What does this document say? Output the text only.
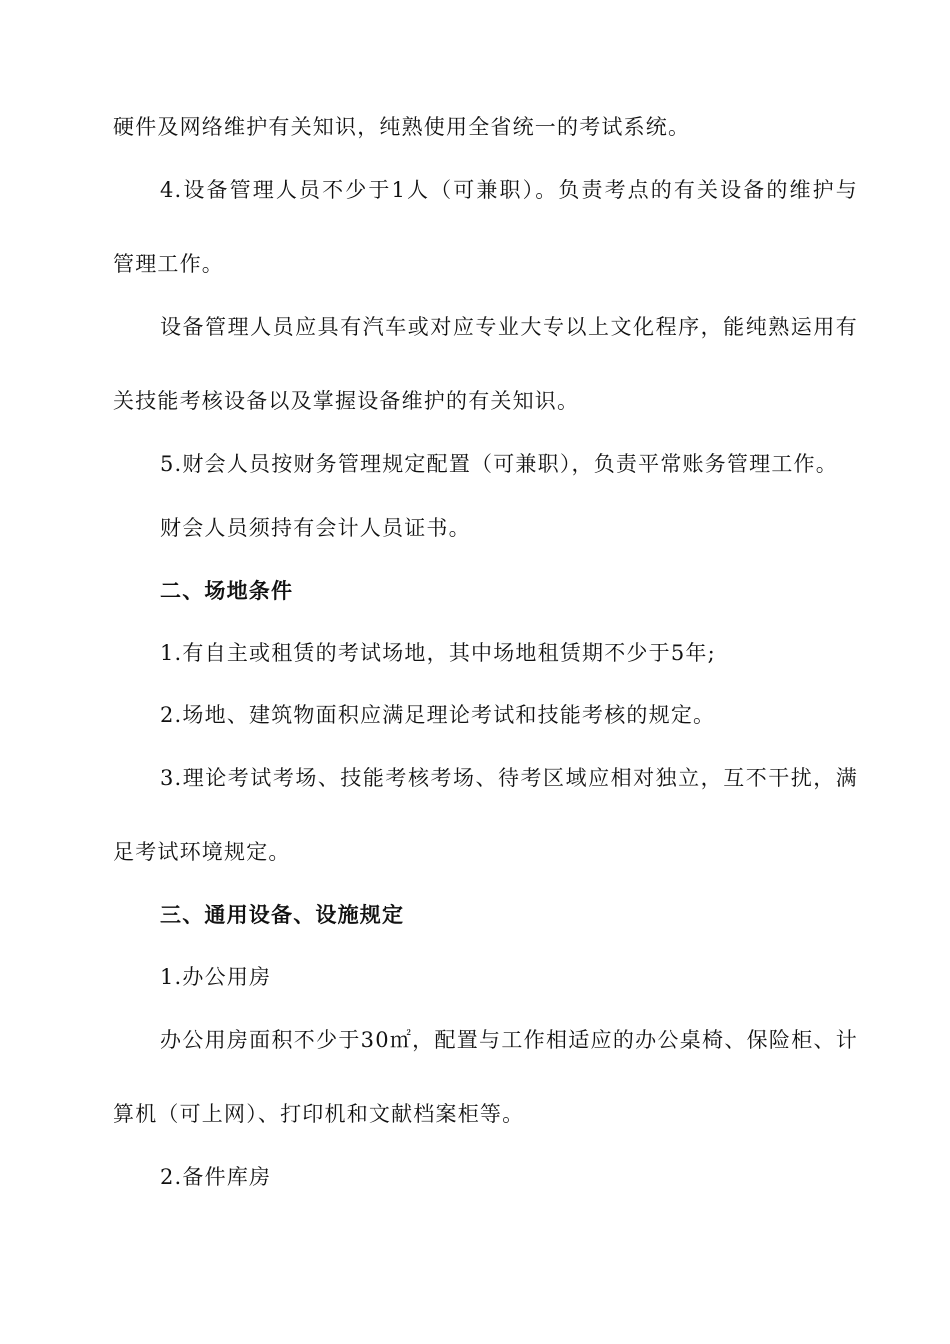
硬件及网络维护有关知识，纯熟使用全省统一的考试系统。
4.设备管理人员不少于1人（可兼职）。负责考点的有关设备的维护与
管理工作。
设备管理人员应具有汽车或对应专业大专以上文化程序，能纯熟运用有
关技能考核设备以及掌握设备维护的有关知识。
5.财会人员按财务管理规定配置（可兼职），负责平常账务管理工作。
财会人员须持有会计人员证书。
二、场地条件
1.有自主或租赁的考试场地，其中场地租赁期不少于5年;
2.场地、建筑物面积应满足理论考试和技能考核的规定。
3.理论考试考场、技能考核考场、待考区域应相对独立，互不干扰，满
足考试环境规定。
三、通用设备、设施规定
1.办公用房
办公用房面积不少于30㎡，配置与工作相适应的办公桌椅、保险柜、计
算机（可上网）、打印机和文献档案柜等。
2.备件库房
